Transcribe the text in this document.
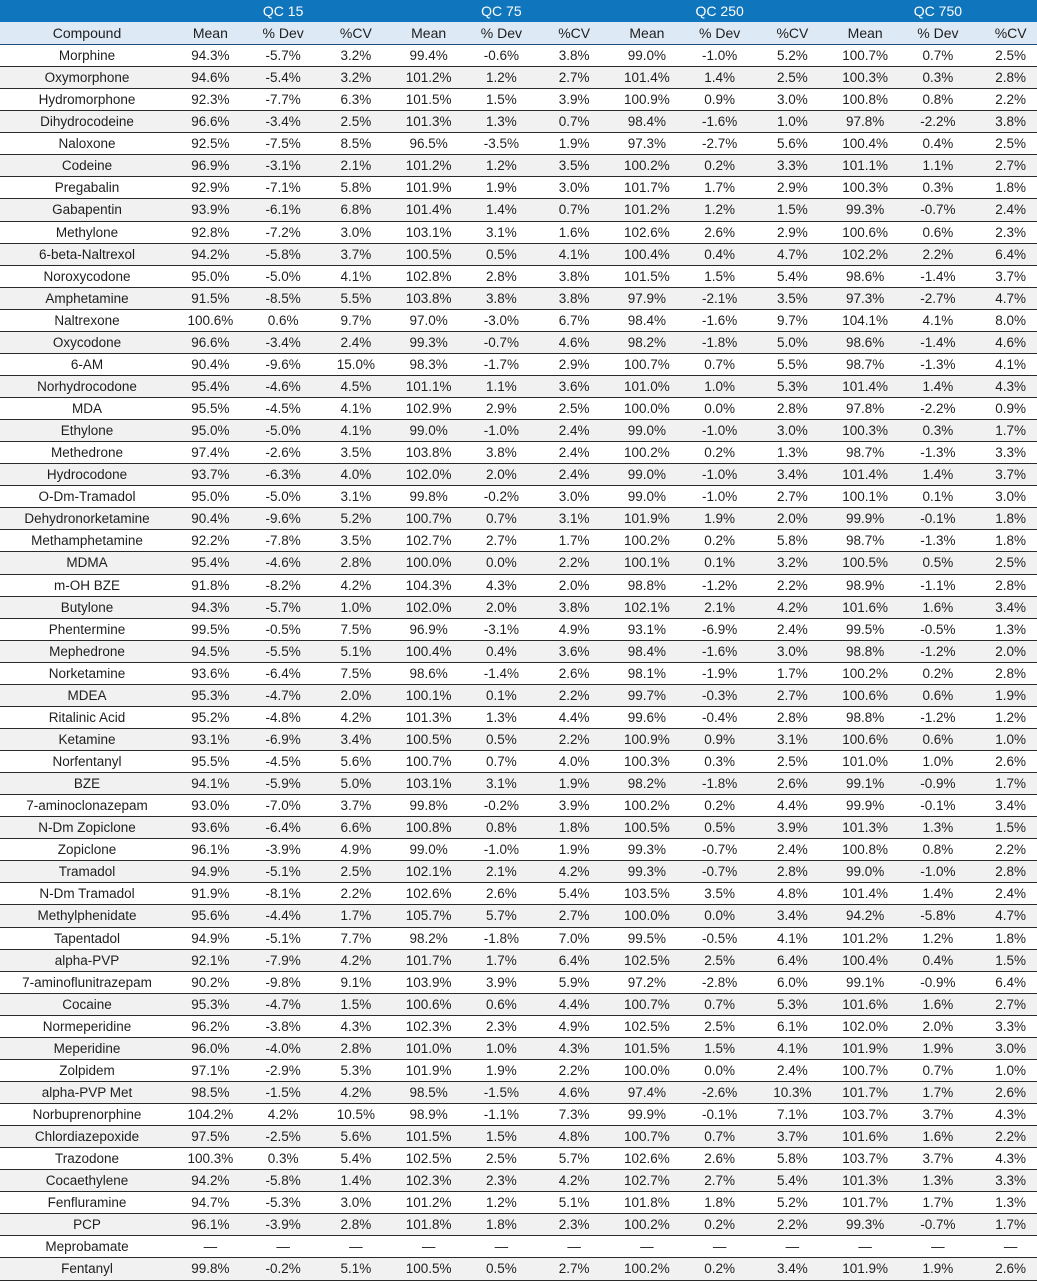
	QC 15			QC 75			QC 250			QC 750		
Compound	Mean	% Dev	%CV	Mean	% Dev	%CV	Mean	% Dev	%CV	Mean	% Dev	%CV
Morphine	94.3%	-5.7%	3.2%	99.4%	-0.6%	3.8%	99.0%	-1.0%	5.2%	100.7%	0.7%	2.5%
Oxymorphone	94.6%	-5.4%	3.2%	101.2%	1.2%	2.7%	101.4%	1.4%	2.5%	100.3%	0.3%	2.8%
Hydromorphone	92.3%	-7.7%	6.3%	101.5%	1.5%	3.9%	100.9%	0.9%	3.0%	100.8%	0.8%	2.2%
Dihydrocodeine	96.6%	-3.4%	2.5%	101.3%	1.3%	0.7%	98.4%	-1.6%	1.0%	97.8%	-2.2%	3.8%
Naloxone	92.5%	-7.5%	8.5%	96.5%	-3.5%	1.9%	97.3%	-2.7%	5.6%	100.4%	0.4%	2.5%
Codeine	96.9%	-3.1%	2.1%	101.2%	1.2%	3.5%	100.2%	0.2%	3.3%	101.1%	1.1%	2.7%
Pregabalin	92.9%	-7.1%	5.8%	101.9%	1.9%	3.0%	101.7%	1.7%	2.9%	100.3%	0.3%	1.8%
Gabapentin	93.9%	-6.1%	6.8%	101.4%	1.4%	0.7%	101.2%	1.2%	1.5%	99.3%	-0.7%	2.4%
Methylone	92.8%	-7.2%	3.0%	103.1%	3.1%	1.6%	102.6%	2.6%	2.9%	100.6%	0.6%	2.3%
6-beta-Naltrexol	94.2%	-5.8%	3.7%	100.5%	0.5%	4.1%	100.4%	0.4%	4.7%	102.2%	2.2%	6.4%
Noroxycodone	95.0%	-5.0%	4.1%	102.8%	2.8%	3.8%	101.5%	1.5%	5.4%	98.6%	-1.4%	3.7%
Amphetamine	91.5%	-8.5%	5.5%	103.8%	3.8%	3.8%	97.9%	-2.1%	3.5%	97.3%	-2.7%	4.7%
Naltrexone	100.6%	0.6%	9.7%	97.0%	-3.0%	6.7%	98.4%	-1.6%	9.7%	104.1%	4.1%	8.0%
Oxycodone	96.6%	-3.4%	2.4%	99.3%	-0.7%	4.6%	98.2%	-1.8%	5.0%	98.6%	-1.4%	4.6%
6-AM	90.4%	-9.6%	15.0%	98.3%	-1.7%	2.9%	100.7%	0.7%	5.5%	98.7%	-1.3%	4.1%
Norhydrocodone	95.4%	-4.6%	4.5%	101.1%	1.1%	3.6%	101.0%	1.0%	5.3%	101.4%	1.4%	4.3%
MDA	95.5%	-4.5%	4.1%	102.9%	2.9%	2.5%	100.0%	0.0%	2.8%	97.8%	-2.2%	0.9%
Ethylone	95.0%	-5.0%	4.1%	99.0%	-1.0%	2.4%	99.0%	-1.0%	3.0%	100.3%	0.3%	1.7%
Methedrone	97.4%	-2.6%	3.5%	103.8%	3.8%	2.4%	100.2%	0.2%	1.3%	98.7%	-1.3%	3.3%
Hydrocodone	93.7%	-6.3%	4.0%	102.0%	2.0%	2.4%	99.0%	-1.0%	3.4%	101.4%	1.4%	3.7%
O-Dm-Tramadol	95.0%	-5.0%	3.1%	99.8%	-0.2%	3.0%	99.0%	-1.0%	2.7%	100.1%	0.1%	3.0%
Dehydronorketamine	90.4%	-9.6%	5.2%	100.7%	0.7%	3.1%	101.9%	1.9%	2.0%	99.9%	-0.1%	1.8%
Methamphetamine	92.2%	-7.8%	3.5%	102.7%	2.7%	1.7%	100.2%	0.2%	5.8%	98.7%	-1.3%	1.8%
MDMA	95.4%	-4.6%	2.8%	100.0%	0.0%	2.2%	100.1%	0.1%	3.2%	100.5%	0.5%	2.5%
m-OH BZE	91.8%	-8.2%	4.2%	104.3%	4.3%	2.0%	98.8%	-1.2%	2.2%	98.9%	-1.1%	2.8%
Butylone	94.3%	-5.7%	1.0%	102.0%	2.0%	3.8%	102.1%	2.1%	4.2%	101.6%	1.6%	3.4%
Phentermine	99.5%	-0.5%	7.5%	96.9%	-3.1%	4.9%	93.1%	-6.9%	2.4%	99.5%	-0.5%	1.3%
Mephedrone	94.5%	-5.5%	5.1%	100.4%	0.4%	3.6%	98.4%	-1.6%	3.0%	98.8%	-1.2%	2.0%
Norketamine	93.6%	-6.4%	7.5%	98.6%	-1.4%	2.6%	98.1%	-1.9%	1.7%	100.2%	0.2%	2.8%
MDEA	95.3%	-4.7%	2.0%	100.1%	0.1%	2.2%	99.7%	-0.3%	2.7%	100.6%	0.6%	1.9%
Ritalinic Acid	95.2%	-4.8%	4.2%	101.3%	1.3%	4.4%	99.6%	-0.4%	2.8%	98.8%	-1.2%	1.2%
Ketamine	93.1%	-6.9%	3.4%	100.5%	0.5%	2.2%	100.9%	0.9%	3.1%	100.6%	0.6%	1.0%
Norfentanyl	95.5%	-4.5%	5.6%	100.7%	0.7%	4.0%	100.3%	0.3%	2.5%	101.0%	1.0%	2.6%
BZE	94.1%	-5.9%	5.0%	103.1%	3.1%	1.9%	98.2%	-1.8%	2.6%	99.1%	-0.9%	1.7%
7-aminoclonazepam	93.0%	-7.0%	3.7%	99.8%	-0.2%	3.9%	100.2%	0.2%	4.4%	99.9%	-0.1%	3.4%
N-Dm Zopiclone	93.6%	-6.4%	6.6%	100.8%	0.8%	1.8%	100.5%	0.5%	3.9%	101.3%	1.3%	1.5%
Zopiclone	96.1%	-3.9%	4.9%	99.0%	-1.0%	1.9%	99.3%	-0.7%	2.4%	100.8%	0.8%	2.2%
Tramadol	94.9%	-5.1%	2.5%	102.1%	2.1%	4.2%	99.3%	-0.7%	2.8%	99.0%	-1.0%	2.8%
N-Dm Tramadol	91.9%	-8.1%	2.2%	102.6%	2.6%	5.4%	103.5%	3.5%	4.8%	101.4%	1.4%	2.4%
Methylphenidate	95.6%	-4.4%	1.7%	105.7%	5.7%	2.7%	100.0%	0.0%	3.4%	94.2%	-5.8%	4.7%
Tapentadol	94.9%	-5.1%	7.7%	98.2%	-1.8%	7.0%	99.5%	-0.5%	4.1%	101.2%	1.2%	1.8%
alpha-PVP	92.1%	-7.9%	4.2%	101.7%	1.7%	6.4%	102.5%	2.5%	6.4%	100.4%	0.4%	1.5%
7-aminoflunitrazepam	90.2%	-9.8%	9.1%	103.9%	3.9%	5.9%	97.2%	-2.8%	6.0%	99.1%	-0.9%	6.4%
Cocaine	95.3%	-4.7%	1.5%	100.6%	0.6%	4.4%	100.7%	0.7%	5.3%	101.6%	1.6%	2.7%
Normeperidine	96.2%	-3.8%	4.3%	102.3%	2.3%	4.9%	102.5%	2.5%	6.1%	102.0%	2.0%	3.3%
Meperidine	96.0%	-4.0%	2.8%	101.0%	1.0%	4.3%	101.5%	1.5%	4.1%	101.9%	1.9%	3.0%
Zolpidem	97.1%	-2.9%	5.3%	101.9%	1.9%	2.2%	100.0%	0.0%	2.4%	100.7%	0.7%	1.0%
alpha-PVP Met	98.5%	-1.5%	4.2%	98.5%	-1.5%	4.6%	97.4%	-2.6%	10.3%	101.7%	1.7%	2.6%
Norbuprenorphine	104.2%	4.2%	10.5%	98.9%	-1.1%	7.3%	99.9%	-0.1%	7.1%	103.7%	3.7%	4.3%
Chlordiazepoxide	97.5%	-2.5%	5.6%	101.5%	1.5%	4.8%	100.7%	0.7%	3.7%	101.6%	1.6%	2.2%
Trazodone	100.3%	0.3%	5.4%	102.5%	2.5%	5.7%	102.6%	2.6%	5.8%	103.7%	3.7%	4.3%
Cocaethylene	94.2%	-5.8%	1.4%	102.3%	2.3%	4.2%	102.7%	2.7%	5.4%	101.3%	1.3%	3.3%
Fenfluramine	94.7%	-5.3%	3.0%	101.2%	1.2%	5.1%	101.8%	1.8%	5.2%	101.7%	1.7%	1.3%
PCP	96.1%	-3.9%	2.8%	101.8%	1.8%	2.3%	100.2%	0.2%	2.2%	99.3%	-0.7%	1.7%
Meprobamate	—	—	—	—	—	—	—	—	—	—	—	—
Fentanyl	99.8%	-0.2%	5.1%	100.5%	0.5%	2.7%	100.2%	0.2%	3.4%	101.9%	1.9%	2.6%
